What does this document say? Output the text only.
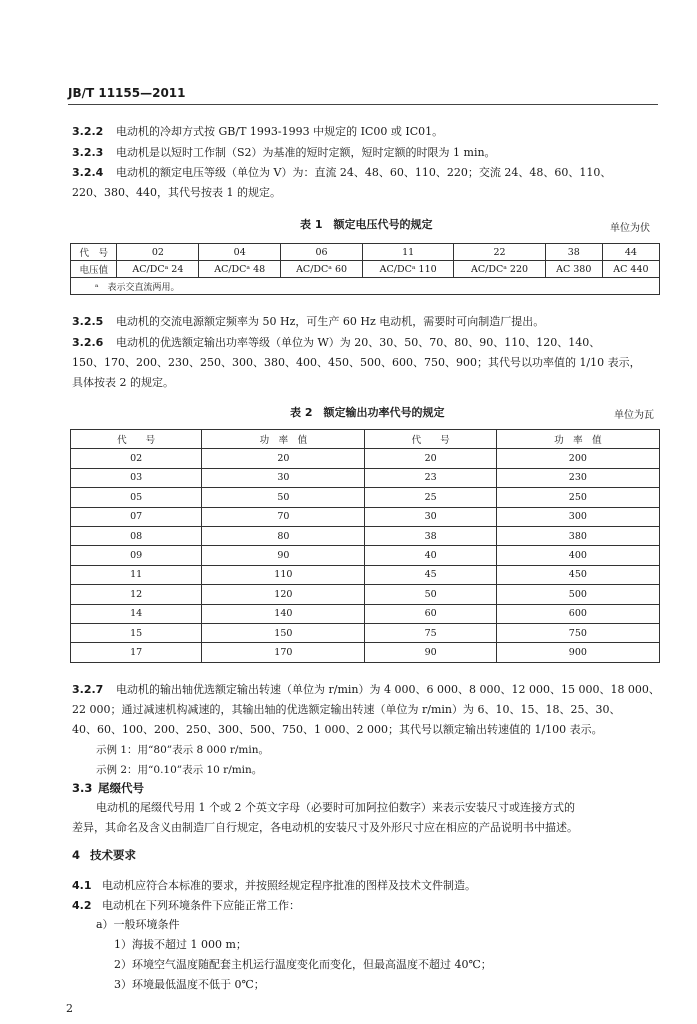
JB/T 11155—2011
3.2.2 电动机的冷却方式按 GB/T 1993-1993 中规定的 IC00 或 IC01。
3.2.3 电动机是以短时工作制（S2）为基准的短时定额，短时定额的时限为 1 min。
3.2.4 电动机的额定电压等级（单位为 V）为：直流 24、48、60、110、220；交流 24、48、60、110、
220、380、440，其代号按表 1 的规定。
表 1　额定电压代号的规定	单位为伏
代　号	02	04	06	11	22	38	44
电压值	AC/DCᵃ 24	AC/DCᵃ 48	AC/DCᵃ 60	AC/DCᵃ 110	AC/DCᵃ 220	AC 380	AC 440
ᵃ　表示交直流两用。							
3.2.5 电动机的交流电源额定频率为 50 Hz，可生产 60 Hz 电动机，需要时可向制造厂提出。
3.2.6 电动机的优选额定输出功率等级（单位为 W）为 20、30、50、70、80、90、110、120、140、
150、170、200、230、250、300、380、400、450、500、600、750、900；其代号以功率值的 1/10 表示，
具体按表 2 的规定。
表 2　额定输出功率代号的规定	单位为瓦
代　　号	功　率　值	代　　号	功　率　值
02	20	20	200
03	30	23	230
05	50	25	250
07	70	30	300
08	80	38	380
09	90	40	400
11	110	45	450
12	120	50	500
14	140	60	600
15	150	75	750
17	170	90	900
3.2.7 电动机的输出轴优选额定输出转速（单位为 r/min）为 4 000、6 000、8 000、12 000、15 000、18 000、
22 000；通过减速机构减速的，其输出轴的优选额定输出转速（单位为 r/min）为 6、10、15、18、25、30、
40、60、100、200、250、300、500、750、1 000、2 000；其代号以额定输出转速值的 1/100 表示。
示例 1：用“80”表示 8 000 r/min。
示例 2：用“0.10”表示 10 r/min。
3.3 尾缀代号
电动机的尾缀代号用 1 个或 2 个英文字母（必要时可加阿拉伯数字）来表示安装尺寸或连接方式的
差异，其命名及含义由制造厂自行规定，各电动机的安装尺寸及外形尺寸应在相应的产品说明书中描述。
4 技术要求
4.1 电动机应符合本标准的要求，并按照经规定程序批准的图样及技术文件制造。
4.2 电动机在下列环境条件下应能正常工作：
a）一般环境条件
1）海拔不超过 1 000 m；
2）环境空气温度随配套主机运行温度变化而变化，但最高温度不超过 40℃；
3）环境最低温度不低于 0℃；
2
